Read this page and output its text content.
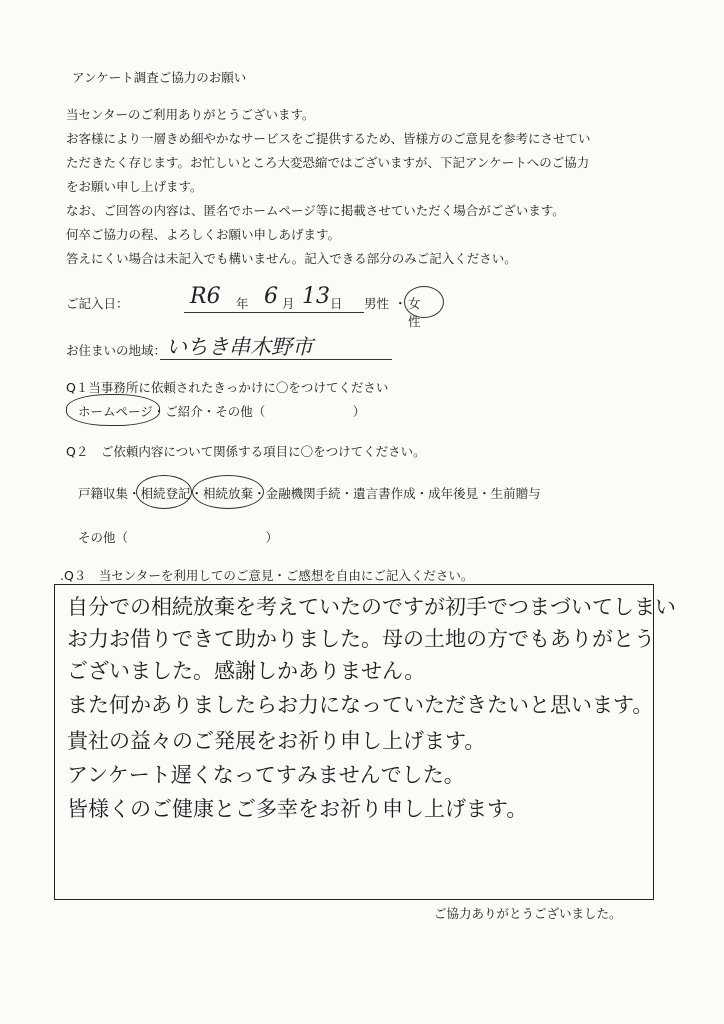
アンケート調査ご協力のお願い

当センターのご利用ありがとうございます。

お客様により一層きめ細やかなサービスをご提供するため、皆様方のご意見を参考にさせてい

ただきたく存じます。お忙しいところ大変恐縮ではございますが、下記アンケートへのご協力

をお願い申し上げます。

なお、ご回答の内容は、匿名でホームページ等に掲載させていただく場合がございます。

何卒ご協力の程、よろしくお願い申しあげます。

答えにくい場合は未記入でも構いません。記入できる部分のみご記入ください。

ご記入日：	R6 年 6 月 13 日 男性 ・ 女性
お住まいの地域： いちき串木野市
Q１当事務所に依頼されたきっかけに〇をつけてください
ホームページ・ご紹介・その他（　　　　　　　）
Q２　ご依頼内容について関係する項目に〇をつけてください。
戸籍収集・相続登記・相続放棄・金融機関手続・遺言書作成・成年後見・生前贈与
その他（　　　　　　　　　　　）
.Q３　当センターを利用してのご意見・ご感想を自由にご記入ください。
自分での相続放棄を考えていたのですが初手でつまづいてしまい
お力お借りできて助かりました。母の土地の方でもありがとう
ございました。感謝しかありません。
また何かありましたらお力になっていただきたいと思います。
貴社の益々のご発展をお祈り申し上げます。
アンケート遅くなってすみませんでした。
皆様くのご健康とご多幸をお祈り申し上げます。
ご協力ありがとうございました。
